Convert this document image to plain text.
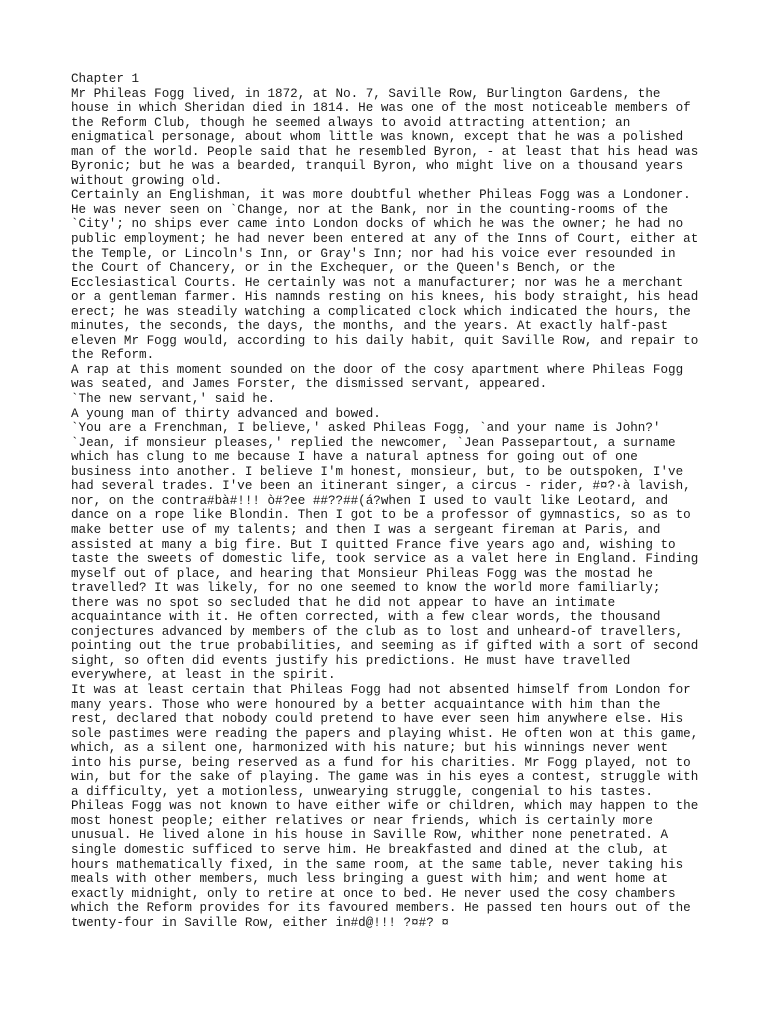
Chapter 1
Mr Phileas Fogg lived, in 1872, at No. 7, Saville Row, Burlington Gardens, the
house in which Sheridan died in 1814. He was one of the most noticeable members of
the Reform Club, though he seemed always to avoid attracting attention; an
enigmatical personage, about whom little was known, except that he was a polished
man of the world. People said that he resembled Byron, - at least that his head was
Byronic; but he was a bearded, tranquil Byron, who might live on a thousand years
without growing old.
Certainly an Englishman, it was more doubtful whether Phileas Fogg was a Londoner.
He was never seen on `Change, nor at the Bank, nor in the counting-rooms of the
`City'; no ships ever came into London docks of which he was the owner; he had no
public employment; he had never been entered at any of the Inns of Court, either at
the Temple, or Lincoln's Inn, or Gray's Inn; nor had his voice ever resounded in
the Court of Chancery, or in the Exchequer, or the Queen's Bench, or the
Ecclesiastical Courts. He certainly was not a manufacturer; nor was he a merchant
or a gentleman farmer. His namnds resting on his knees, his body straight, his head
erect; he was steadily watching a complicated clock which indicated the hours, the
minutes, the seconds, the days, the months, and the years. At exactly half-past
eleven Mr Fogg would, according to his daily habit, quit Saville Row, and repair to
the Reform.
A rap at this moment sounded on the door of the cosy apartment where Phileas Fogg
was seated, and James Forster, the dismissed servant, appeared.
`The new servant,' said he.
A young man of thirty advanced and bowed.
`You are a Frenchman, I believe,' asked Phileas Fogg, `and your name is John?'
`Jean, if monsieur pleases,' replied the newcomer, `Jean Passepartout, a surname
which has clung to me because I have a natural aptness for going out of one
business into another. I believe I'm honest, monsieur, but, to be outspoken, I've
had several trades. I've been an itinerant singer, a circus - rider, #¤?·à lavish,
nor, on the contra#bà#!!! ò#?ee ##??##(á?when I used to vault like Leotard, and
dance on a rope like Blondin. Then I got to be a professor of gymnastics, so as to
make better use of my talents; and then I was a sergeant fireman at Paris, and
assisted at many a big fire. But I quitted France five years ago and, wishing to
taste the sweets of domestic life, took service as a valet here in England. Finding
myself out of place, and hearing that Monsieur Phileas Fogg was the mostad he
travelled? It was likely, for no one seemed to know the world more familiarly;
there was no spot so secluded that he did not appear to have an intimate
acquaintance with it. He often corrected, with a few clear words, the thousand
conjectures advanced by members of the club as to lost and unheard-of travellers,
pointing out the true probabilities, and seeming as if gifted with a sort of second
sight, so often did events justify his predictions. He must have travelled
everywhere, at least in the spirit.
It was at least certain that Phileas Fogg had not absented himself from London for
many years. Those who were honoured by a better acquaintance with him than the
rest, declared that nobody could pretend to have ever seen him anywhere else. His
sole pastimes were reading the papers and playing whist. He often won at this game,
which, as a silent one, harmonized with his nature; but his winnings never went
into his purse, being reserved as a fund for his charities. Mr Fogg played, not to
win, but for the sake of playing. The game was in his eyes a contest, struggle with
a difficulty, yet a motionless, unwearying struggle, congenial to his tastes.
Phileas Fogg was not known to have either wife or children, which may happen to the
most honest people; either relatives or near friends, which is certainly more
unusual. He lived alone in his house in Saville Row, whither none penetrated. A
single domestic sufficed to serve him. He breakfasted and dined at the club, at
hours mathematically fixed, in the same room, at the same table, never taking his
meals with other members, much less bringing a guest with him; and went home at
exactly midnight, only to retire at once to bed. He never used the cosy chambers
which the Reform provides for its favoured members. He passed ten hours out of the
twenty-four in Saville Row, either in#d@!!! ?¤#? ¤
